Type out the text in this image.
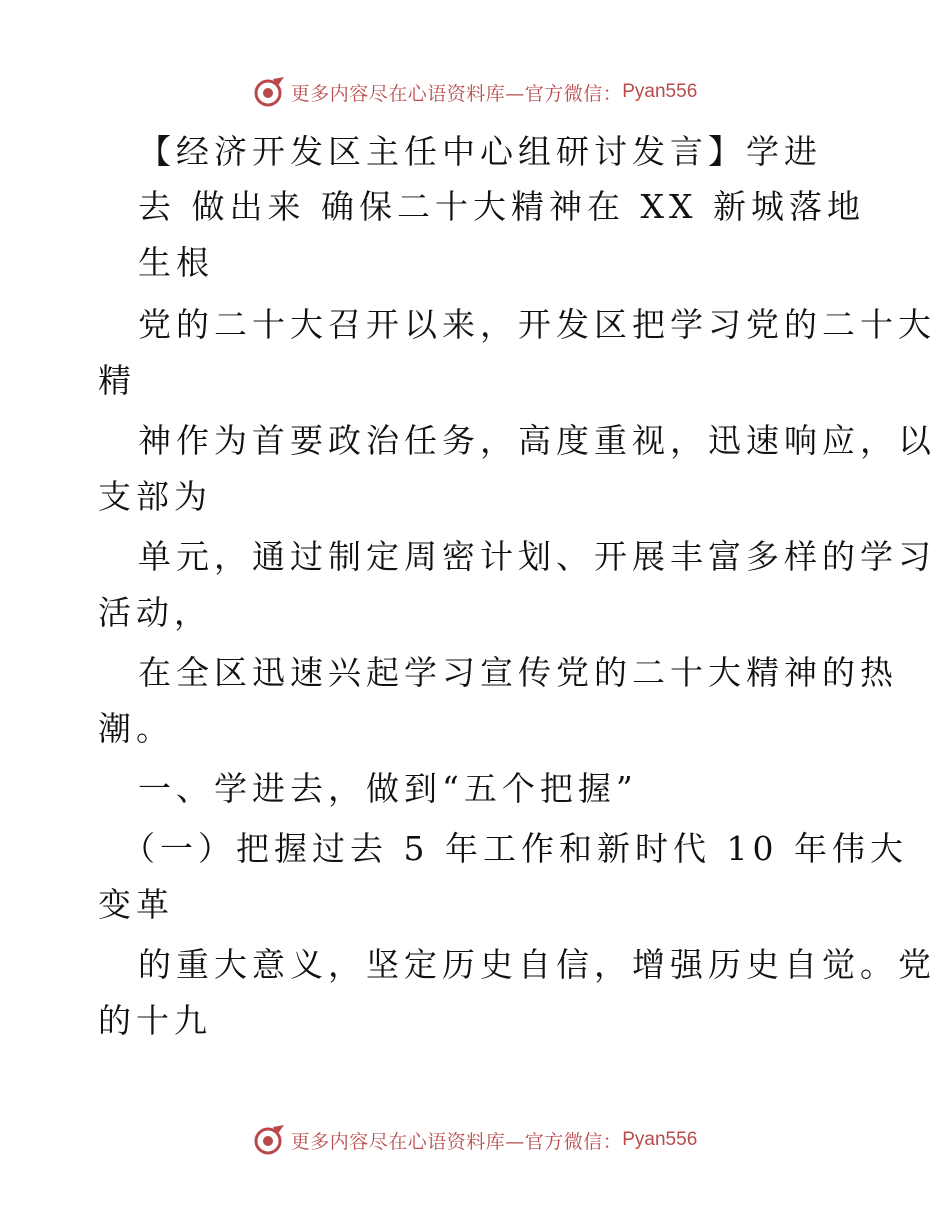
更多内容尽在心语资料库—官方微信： Pyan556
【经济开发区主任中心组研讨发言】学进
去 做出来 确保二十大精神在 XX 新城落地
生根
党的二十大召开以来，开发区把学习党的二十大
精
神作为首要政治任务，高度重视，迅速响应，以
支部为
单元，通过制定周密计划、开展丰富多样的学习
活动，
在全区迅速兴起学习宣传党的二十大精神的热
潮。
一、学进去，做到“五个把握”
（一）把握过去 5 年工作和新时代 10 年伟大
变革
的重大意义，坚定历史自信，增强历史自觉。党
的十九
更多内容尽在心语资料库—官方微信： Pyan556
